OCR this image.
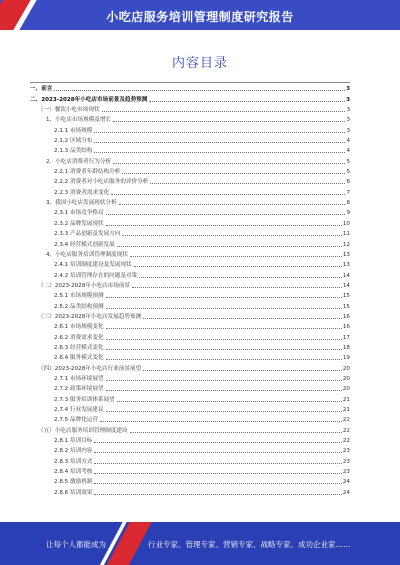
小吃店服务培训管理制度研究报告
内容目录
一、前言	3
二、2023-2028年小吃店市场前景及趋势预测	3
（一）餐饮小吃市场现状	3
1、小吃店市场规模及增长	3
2.1.1 市场规模	3
2.1.2 区域分布	4
2.1.3 品类结构	4
2、小吃店消费者行为分析	5
2.2.1 消费者年龄结构分析	5
2.2.2 消费者对小吃店服务的评价分析	6
2.2.3 消费者需求变化	7
3、我国小吃店发展现状分析	8
2.3.1 市场竞争格局	9
2.3.2 品牌发展现状	10
2.3.3 产品创新及发展方向	11
2.3.4 经营模式创新发展	12
4、小吃店服务培训管理制度现状	13
2.4.1 培训制度建设及发展现状	13
2.4.2 培训管理存在的问题及对策	14
（二）2023-2028年小吃店市场前景	14
2.5.1 市场规模预测	15
2.5.2 品类结构预测	15
（三）2023-2028年小吃店发展趋势预测	16
2.6.1 市场规模变化	16
2.6.2 消费需求变化	17
2.6.3 经营模式变化	18
2.6.4 服务模式变化	19
（四）2023-2028年小吃店行业前景展望	20
2.7.1 市场环境展望	20
2.7.2 政策环境展望	20
2.7.3 服务培训体系展望	21
2.7.4 行业发展建议	21
2.7.5 品牌化运营	22
（五）小吃店服务培训管理制度建设	22
2.8.1 培训目标	22
2.8.2 培训内容	23
2.8.3 培训方式	23
2.8.4 培训考核	23
2.8.5 激励机制	24
2.8.6 培训效果	24
让每个人都能成为	行业专家、管理专家、营销专家、战略专家、成功企业家……
